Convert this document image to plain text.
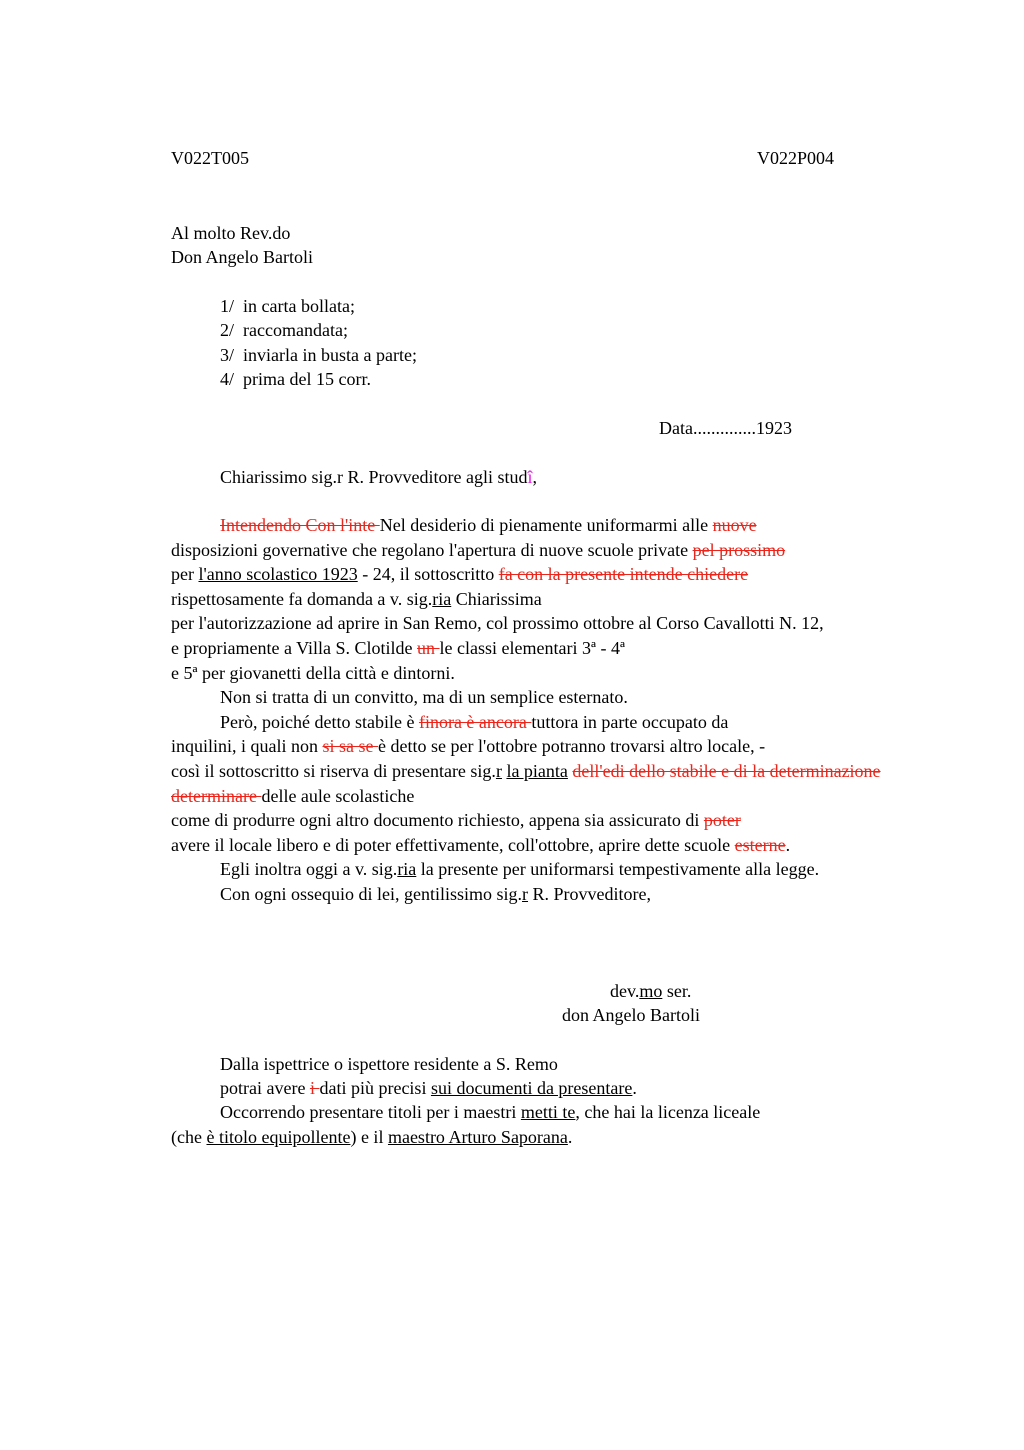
V022T005	V022P004
Al molto Rev.do
Don Angelo Bartoli
1/ in carta bollata;
2/ raccomandata;
3/ inviarla in busta a parte;
4/ prima del 15 corr.
Data..............1923
Chiarissimo sig.r R. Provveditore agli studî,

Intendendo Con l'inte Nel desiderio di pienamente uniformarmi alle nuove
disposizioni governative che regolano l'apertura di nuove scuole private pel prossimo
per l'anno scolastico 1923 - 24, il sottoscritto fa con la presente intende chiedere
rispettosamente fa domanda a v. sig.ria Chiarissima
per l'autorizzazione ad aprire in San Remo, col prossimo ottobre al Corso Cavallotti N. 12,
e propriamente a Villa S. Clotilde un le classi elementari 3ª - 4ª
e 5ª per giovanetti della città e dintorni.

Non si tratta di un convitto, ma di un semplice esternato.

Però, poiché detto stabile è finora è ancora tuttora in parte occupato da
inquilini, i quali non si sa se è detto se per l'ottobre potranno trovarsi altro locale, -
così il sottoscritto si riserva di presentare sig.r la pianta dell'edi dello stabile e di la determinazione determinare delle aule scolastiche
come di produrre ogni altro documento richiesto, appena sia assicurato di poter
avere il locale libero e di poter effettivamente, coll'ottobre, aprire dette scuole esterne.

Egli inoltra oggi a v. sig.ria la presente per uniformarsi tempestivamente alla legge.

Con ogni ossequio di lei, gentilissimo sig.r R. Provveditore,

dev.mo ser.
don Angelo Bartoli
Dalla ispettrice o ispettore residente a S. Remo
potrai avere i dati più precisi sui documenti da presentare.
Occorrendo presentare titoli per i maestri metti te, che hai la licenza liceale
(che è titolo equipollente) e il maestro Arturo Saporana.
